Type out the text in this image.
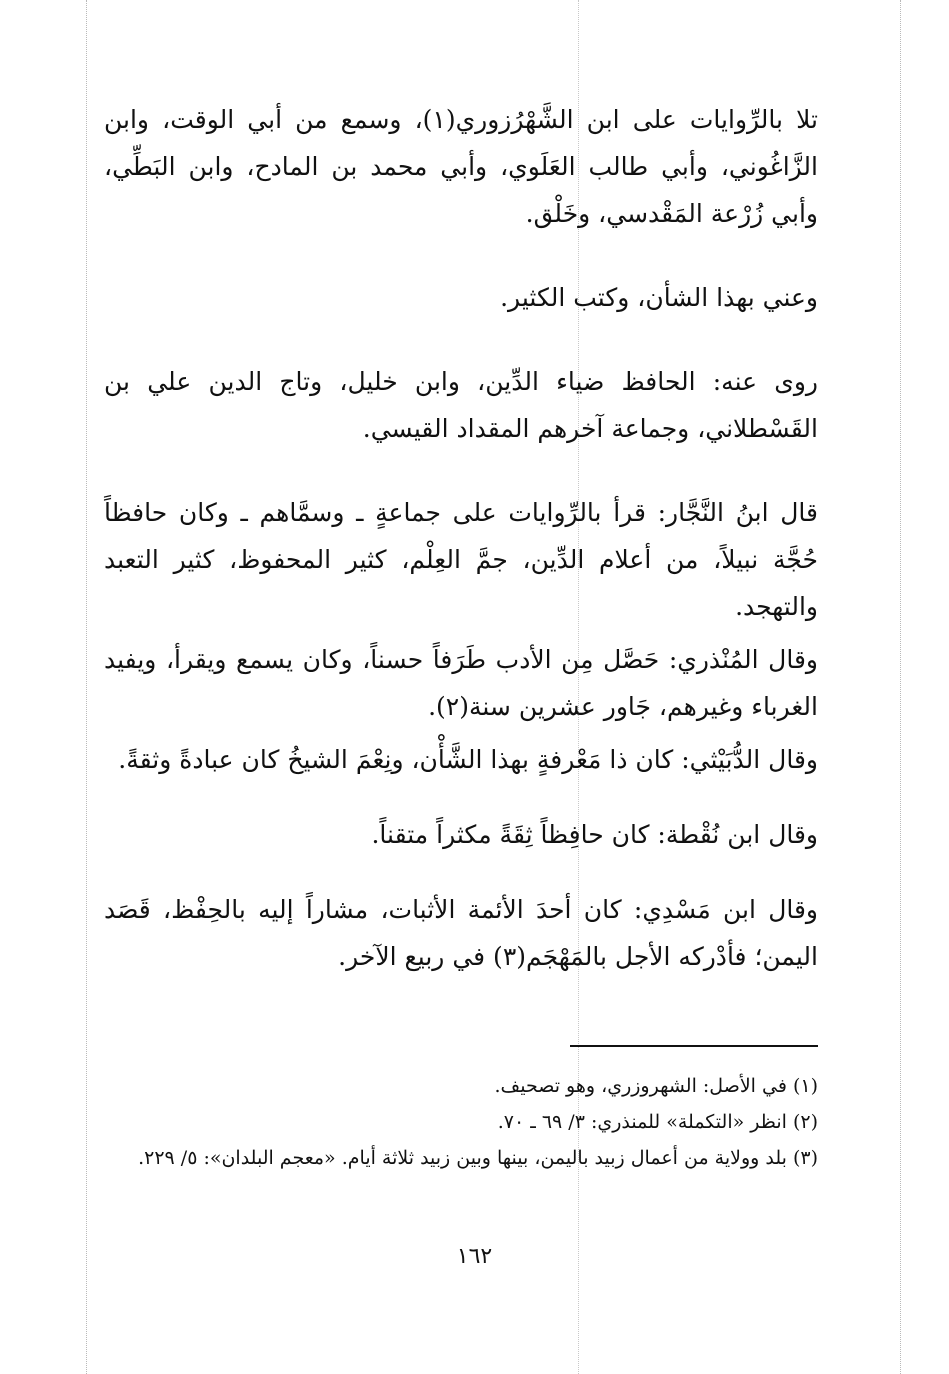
تلا بالرِّوايات على ابن الشَّهْرُزوري(١)، وسمع من أبي الوقت، وابن الزَّاغُوني، وأبي طالب العَلَوي، وأبي محمد بن المادح، وابن البَطِّي، وأبي زُرْعة المَقْدسي، وخَلْق.

وعني بهذا الشأن، وكتب الكثير.

روى عنه: الحافظ ضياء الدِّين، وابن خليل، وتاج الدين علي بن القَسْطلاني، وجماعة آخرهم المقداد القيسي.

قال ابنُ النَّجَّار: قرأ بالرِّوايات على جماعةٍ ـ وسمَّاهم ـ وكان حافظاً حُجَّة نبيلاً، من أعلام الدِّين، جمَّ العِلْم، كثير المحفوظ، كثير التعبد والتهجد.

وقال المُنْذري: حَصَّل مِن الأدب طَرَفاً حسناً، وكان يسمع ويقرأ، ويفيد الغرباء وغيرهم، جَاور عشرين سنة(٢).

وقال الدُّبَيْثي: كان ذا مَعْرفةٍ بهذا الشَّأْن، ونِعْمَ الشيخُ كان عبادةً وثقةً.

وقال ابن نُقْطة: كان حافِظاً ثِقَةً مكثراً متقناً.

وقال ابن مَسْدِي: كان أحدَ الأئمة الأثبات، مشاراً إليه بالحِفْظ، قَصَد اليمن؛ فأدْركه الأجل بالمَهْجَم(٣) في ربيع الآخر.

(١) في الأصل: الشهروزري، وهو تصحيف.

(٢) انظر «التكملة» للمنذري: ٣/ ٦٩ ـ ٧٠.

(٣) بلد وولاية من أعمال زبيد باليمن، بينها وبين زبيد ثلاثة أيام. «معجم البلدان»: ٥/ ٢٢٩.

١٦٢
